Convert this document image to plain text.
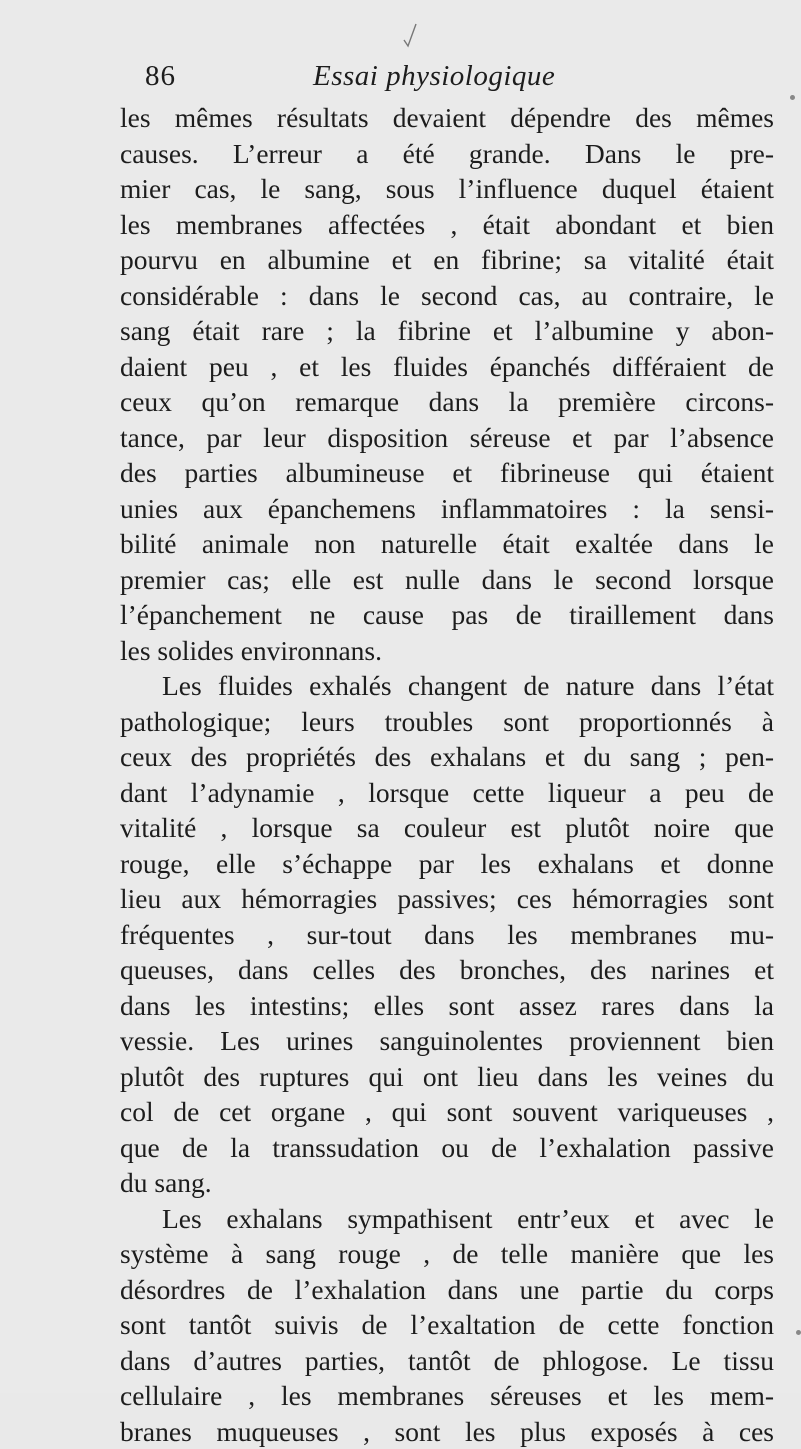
86	Essai physiologique
les mêmes résultats devaient dépendre des mêmes
causes. L’erreur a été grande. Dans le pre-
mier cas, le sang, sous l’influence duquel étaient
les membranes affectées , était abondant et bien
pourvu en albumine et en fibrine; sa vitalité était
considérable : dans le second cas, au contraire, le
sang était rare ; la fibrine et l’albumine y abon-
daient peu , et les fluides épanchés différaient de
ceux qu’on remarque dans la première circons-
tance, par leur disposition séreuse et par l’absence
des parties albumineuse et fibrineuse qui étaient
unies aux épanchemens inflammatoires : la sensi-
bilité animale non naturelle était exaltée dans le
premier cas; elle est nulle dans le second lorsque
l’épanchement ne cause pas de tiraillement dans
les solides environnans.
Les fluides exhalés changent de nature dans l’état
pathologique; leurs troubles sont proportionnés à
ceux des propriétés des exhalans et du sang ; pen-
dant l’adynamie , lorsque cette liqueur a peu de
vitalité , lorsque sa couleur est plutôt noire que
rouge, elle s’échappe par les exhalans et donne
lieu aux hémorragies passives; ces hémorragies sont
fréquentes , sur-tout dans les membranes mu-
queuses, dans celles des bronches, des narines et
dans les intestins; elles sont assez rares dans la
vessie. Les urines sanguinolentes proviennent bien
plutôt des ruptures qui ont lieu dans les veines du
col de cet organe , qui sont souvent variqueuses ,
que de la transsudation ou de l’exhalation passive
du sang.
Les exhalans sympathisent entr’eux et avec le
système à sang rouge , de telle manière que les
désordres de l’exhalation dans une partie du corps
sont tantôt suivis de l’exaltation de cette fonction
dans d’autres parties, tantôt de phlogose. Le tissu
cellulaire , les membranes séreuses et les mem-
branes muqueuses , sont les plus exposés à ces
